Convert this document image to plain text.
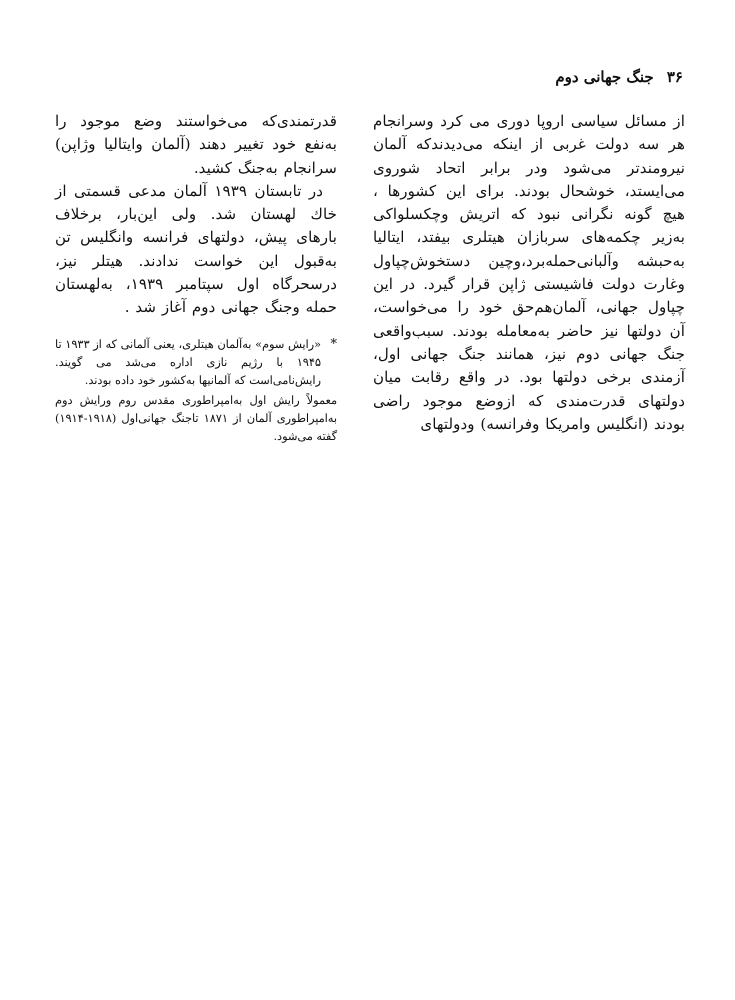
۳۶ جنگ جهانی دوم

از مسائل سیاسی اروپا دوری می کرد وسرانجام هر سه دولت غربی از اینکه می‌دیدندکه آلمان نیرومندتر می‌شود ودر برابر اتحاد شوروی می‌ایستد، خوشحال بودند. برای این کشورها ، هیچ گونه نگرانی نبود که اتریش وچکسلواکی به‌زیر چکمه‌های سربازان هیتلری بیفتد، ایتالیا به‌حبشه وآلبانی‌حمله‌برد،وچین دستخوش‌چپاول وغارت دولت فاشیستی ژاپن قرار گیرد. در این چپاول جهانی، آلمان‌هم‌حق خود را می‌خواست، آن دولتها نیز حاضر به‌معامله بودند. سبب‌واقعی جنگ جهانی دوم نیز، همانند جنگ جهانی اول، آزمندی برخی دولتها بود. در واقع رقابت میان دولتهای قدرت‌مندی که ازوضع موجود راضی بودند (انگلیس وامریکا وفرانسه) ودولتهای

قدرتمندی‌که می‌خواستند وضع موجود را به‌نفع خود تغییر دهند (آلمان وایتالیا وژاپن) سرانجام به‌جنگ کشید.

در تابستان ۱۹۳۹ آلمان مدعی قسمتی از خاك لهستان شد. ولی این‌بار، برخلاف بارهای پیش، دولتهای فرانسه وانگلیس تن به‌قبول این خواست ندادند. هیتلر نیز، درسحرگاه اول سپتامبر ۱۹۳۹، به‌لهستان حمله وجنگ جهانی دوم آغاز شد .

*
«رایش سوم» به‌آلمان هیتلری، یعنی آلمانی که از ۱۹۳۳ تا ۱۹۴۵ با رژیم نازی اداره می‌شد می گویند. رایش‌نامی‌است که آلمانیها به‌کشور خود داده بودند.

معمولاً رایش اول به‌امپراطوری مقدس روم ورایش دوم به‌امپراطوری آلمان از ۱۸۷۱ تاجنگ جهانی‌اول (۱۹۱۸-۱۹۱۴) گفته می‌شود.
